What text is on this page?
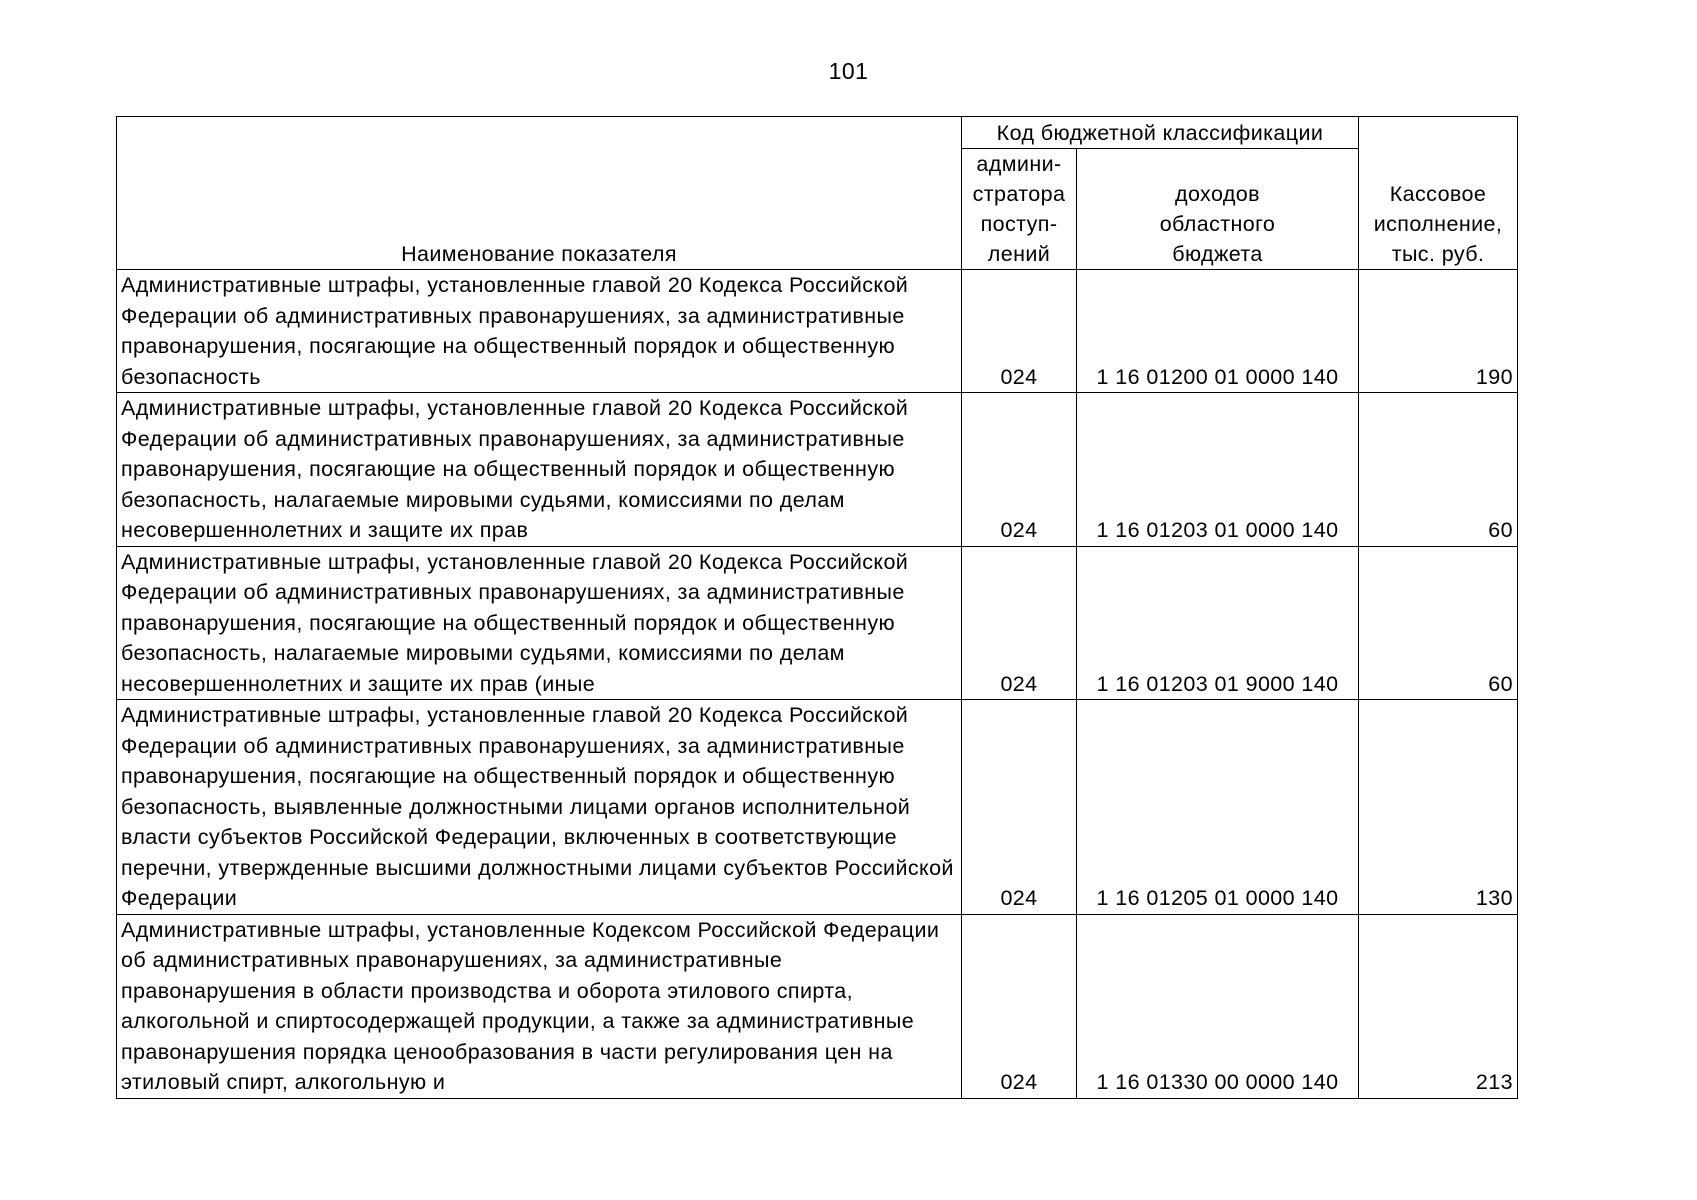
101
Наименование показателя	Код бюджетной классификации		Кассовое
исполнение,
тыс. руб.

	админи-
стратора
поступ-
лений	доходов
областного
бюджета	

Административные штрафы, установленные главой 20 Кодекса Российской Федерации об административных правонарушениях, за административные правонарушения, посягающие на общественный порядок и общественную безопасность	024	1 16 01200 01 0000 140	190
Административные штрафы, установленные главой 20 Кодекса Российской Федерации об административных правонарушениях, за административные правонарушения, посягающие на общественный порядок и общественную безопасность, налагаемые мировыми судьями, комиссиями по делам несовершеннолетних и защите их прав	024	1 16 01203 01 0000 140	60
Административные штрафы, установленные главой 20 Кодекса Российской Федерации об административных правонарушениях, за административные правонарушения, посягающие на общественный порядок и общественную безопасность, налагаемые мировыми судьями, комиссиями по делам несовершеннолетних и защите их прав (иные	024	1 16 01203 01 9000 140	60
Административные штрафы, установленные главой 20 Кодекса Российской Федерации об административных правонарушениях, за административные правонарушения, посягающие на общественный порядок и общественную безопасность, выявленные должностными лицами органов исполнительной власти субъектов Российской Федерации, включенных в соответствующие перечни, утвержденные высшими должностными лицами субъектов Российской Федерации	024	1 16 01205 01 0000 140	130
Административные штрафы, установленные Кодексом Российской Федерации об административных правонарушениях, за административные правонарушения в области производства и оборота этилового спирта, алкогольной и спиртосодержащей продукции, а также за административные правонарушения порядка ценообразования в части регулирования цен на этиловый спирт, алкогольную и	024	1 16 01330 00 0000 140	213
